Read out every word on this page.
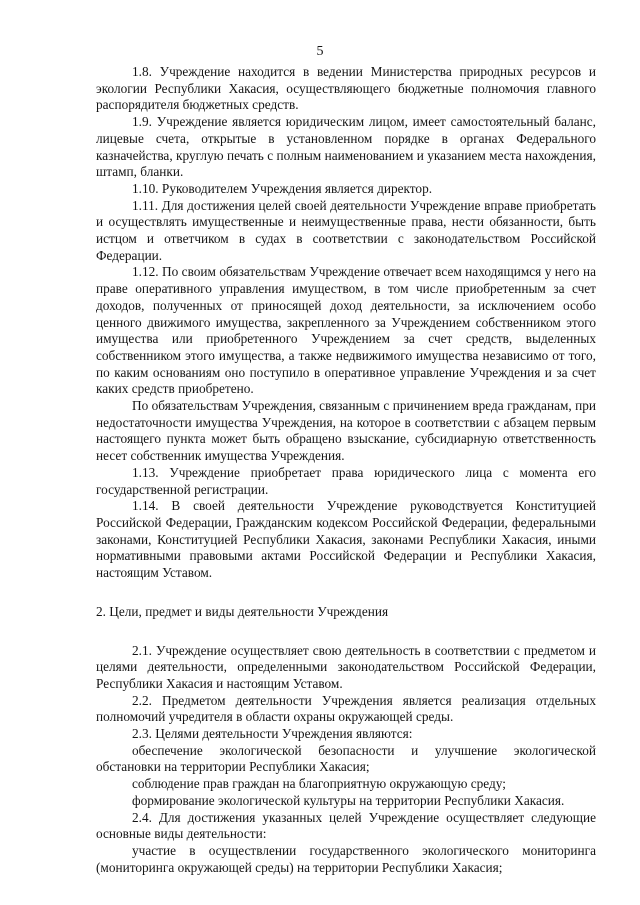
5

1.8. Учреждение находится в ведении Министерства природных ресурсов и экологии Республики Хакасия, осуществляющего бюджетные полномочия главного распорядителя бюджетных средств.

1.9. Учреждение является юридическим лицом, имеет самостоятельный баланс, лицевые счета, открытые в установленном порядке в органах Федерального казначейства, круглую печать с полным наименованием и указанием места нахождения, штамп, бланки.

1.10. Руководителем Учреждения является директор.

1.11. Для достижения целей своей деятельности Учреждение вправе приобретать и осуществлять имущественные и неимущественные права, нести обязанности, быть истцом и ответчиком в судах в соответствии с законодательством Российской Федерации.

1.12. По своим обязательствам Учреждение отвечает всем находящимся у него на праве оперативного управления имуществом, в том числе приобретенным за счет доходов, полученных от приносящей доход деятельности, за исключением особо ценного движимого имущества, закрепленного за Учреждением собственником этого имущества или приобретенного Учреждением за счет средств, выделенных собственником этого имущества, а также недвижимого имущества независимо от того, по каким основаниям оно поступило в оперативное управление Учреждения и за счет каких средств приобретено.

По обязательствам Учреждения, связанным с причинением вреда гражданам, при недостаточности имущества Учреждения, на которое в соответствии с абзацем первым настоящего пункта может быть обращено взыскание, субсидиарную ответственность несет собственник имущества Учреждения.

1.13. Учреждение приобретает права юридического лица с момента его государственной регистрации.

1.14. В своей деятельности Учреждение руководствуется Конституцией Российской Федерации, Гражданским кодексом Российской Федерации, федеральными законами, Конституцией Республики Хакасия, законами Республики Хакасия, иными нормативными правовыми актами Российской Федерации и Республики Хакасия, настоящим Уставом.

2. Цели, предмет и виды деятельности Учреждения

2.1. Учреждение осуществляет свою деятельность в соответствии с предметом и целями деятельности, определенными законодательством Российской Федерации, Республики Хакасия и настоящим Уставом.

2.2. Предметом деятельности Учреждения является реализация отдельных полномочий учредителя в области охраны окружающей среды.

2.3. Целями деятельности Учреждения являются:

обеспечение экологической безопасности и улучшение экологической обстановки на территории Республики Хакасия;

соблюдение прав граждан на благоприятную окружающую среду;

формирование экологической культуры на территории Республики Хакасия.

2.4. Для достижения указанных целей Учреждение осуществляет следующие основные виды деятельности:

участие в осуществлении государственного экологического мониторинга (мониторинга окружающей среды) на территории Республики Хакасия;
